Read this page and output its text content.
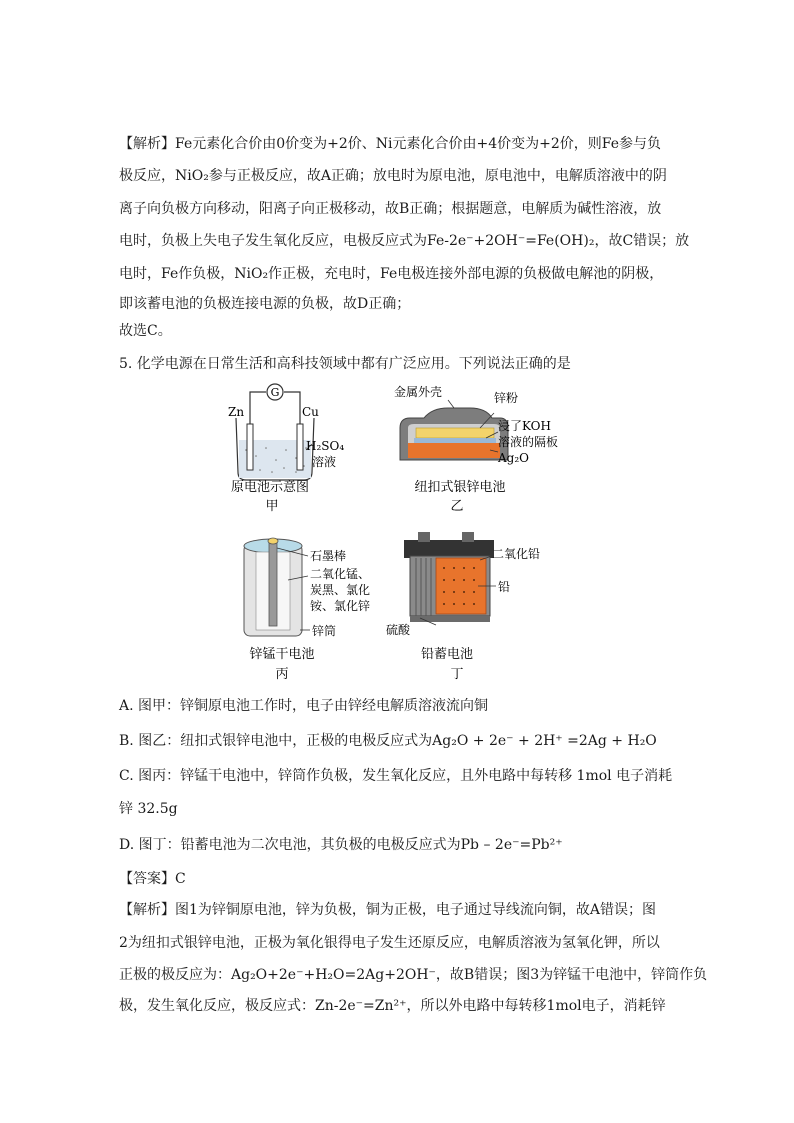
【解析】Fe元素化合价由0价变为+2价、Ni元素化合价由+4价变为+2价，则Fe参与负
极反应，NiO₂参与正极反应，故A正确；放电时为原电池，原电池中，电解质溶液中的阴
离子向负极方向移动，阳离子向正极移动，故B正确；根据题意，电解质为碱性溶液，放
电时，负极上失电子发生氧化反应，电极反应式为Fe-2e⁻+2OH⁻=Fe(OH)₂，故C错误；放
电时，Fe作负极，NiO₂作正极，充电时，Fe电极连接外部电源的负极做电解池的阴极，
即该蓄电池的负极连接电源的负极，故D正确；
故选C。
5. 化学电源在日常生活和高科技领域中都有广泛应用。下列说法正确的是
G
Zn	Cu
H₂SO₄
溶液
原电池示意图
甲
金属外壳	锌粉
浸了KOH
溶液的隔板
Ag₂O
纽扣式银锌电池
乙
石墨棒
二氧化锰、
炭黑、氯化
铵、氯化锌
锌筒
锌锰干电池
丙
二氧化铅
铅
硫酸
铅蓄电池
丁
A. 图甲：锌铜原电池工作时，电子由锌经电解质溶液流向铜
B. 图乙：纽扣式银锌电池中，正极的电极反应式为Ag₂O + 2e⁻ + 2H⁺ =2Ag + H₂O
C. 图丙：锌锰干电池中，锌筒作负极，发生氧化反应，且外电路中每转移 1mol 电子消耗
锌 32.5g
D. 图丁：铅蓄电池为二次电池，其负极的电极反应式为Pb – 2e⁻=Pb²⁺
【答案】C
【解析】图1为锌铜原电池，锌为负极，铜为正极，电子通过导线流向铜，故A错误；图
2为纽扣式银锌电池，正极为氧化银得电子发生还原反应，电解质溶液为氢氧化钾，所以
正极的极反应为：Ag₂O+2e⁻+H₂O=2Ag+2OH⁻，故B错误；图3为锌锰干电池中，锌筒作负
极，发生氧化反应，极反应式：Zn-2e⁻=Zn²⁺，所以外电路中每转移1mol电子，消耗锌
